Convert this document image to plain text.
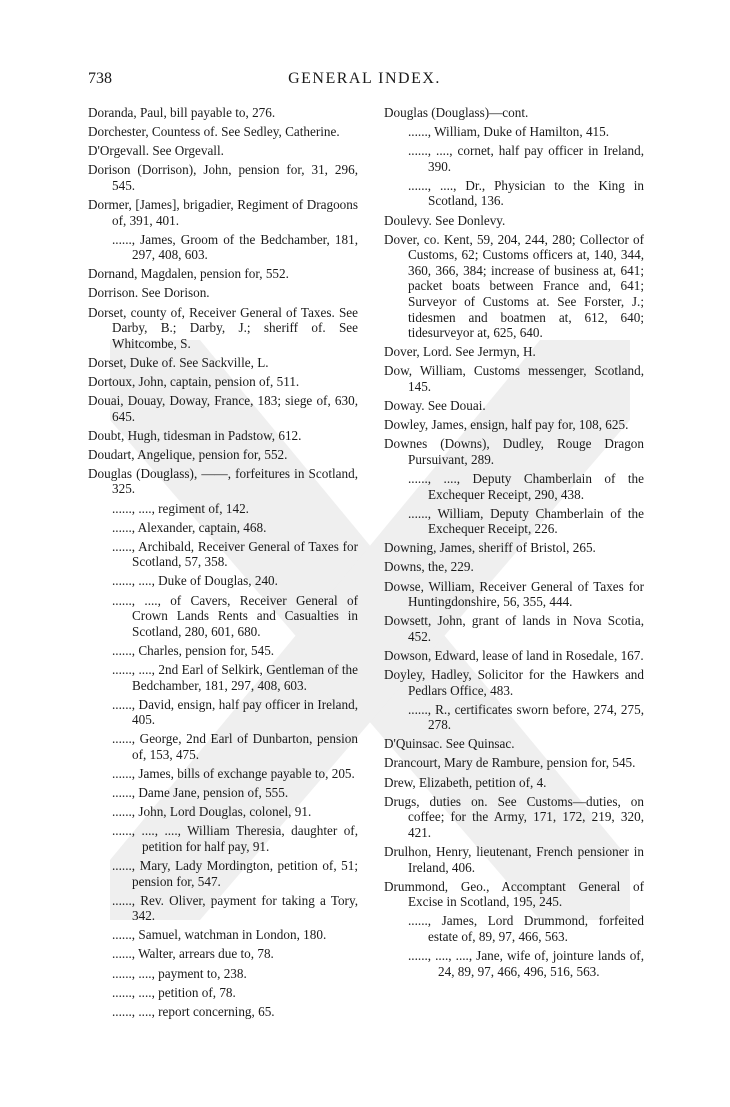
738	GENERAL INDEX.
Doranda, Paul, bill payable to, 276.
Dorchester, Countess of. See Sedley, Catherine.
D'Orgevall. See Orgevall.
Dorison (Dorrison), John, pension for, 31, 296, 545.
Dormer, [James], brigadier, Regiment of Dragoons of, 391, 401.
......, James, Groom of the Bedchamber, 181, 297, 408, 603.
Dornand, Magdalen, pension for, 552.
Dorrison. See Dorison.
Dorset, county of, Receiver General of Taxes. See Darby, B.; Darby, J.; sheriff of. See Whitcombe, S.
Dorset, Duke of. See Sackville, L.
Dortoux, John, captain, pension of, 511.
Douai, Douay, Doway, France, 183; siege of, 630, 645.
Doubt, Hugh, tidesman in Padstow, 612.
Doudart, Angelique, pension for, 552.
Douglas (Douglass), ——, forfeitures in Scotland, 325.
......, ...., regiment of, 142.
......, Alexander, captain, 468.
......, Archibald, Receiver General of Taxes for Scotland, 57, 358.
......, ...., Duke of Douglas, 240.
......, ...., of Cavers, Receiver General of Crown Lands Rents and Casualties in Scotland, 280, 601, 680.
......, Charles, pension for, 545.
......, ...., 2nd Earl of Selkirk, Gentleman of the Bedchamber, 181, 297, 408, 603.
......, David, ensign, half pay officer in Ireland, 405.
......, George, 2nd Earl of Dunbarton, pension of, 153, 475.
......, James, bills of exchange payable to, 205.
......, Dame Jane, pension of, 555.
......, John, Lord Douglas, colonel, 91.
......, ...., ...., William Theresia, daughter of, petition for half pay, 91.
......, Mary, Lady Mordington, petition of, 51; pension for, 547.
......, Rev. Oliver, payment for taking a Tory, 342.
......, Samuel, watchman in London, 180.
......, Walter, arrears due to, 78.
......, ...., payment to, 238.
......, ...., petition of, 78.
......, ...., report concerning, 65.
Douglas (Douglass)—cont.
......, William, Duke of Hamilton, 415.
......, ...., cornet, half pay officer in Ireland, 390.
......, ...., Dr., Physician to the King in Scotland, 136.
Doulevy. See Donlevy.
Dover, co. Kent, 59, 204, 244, 280; Collector of Customs, 62; Customs officers at, 140, 344, 360, 366, 384; increase of business at, 641; packet boats between France and, 641; Surveyor of Customs at. See Forster, J.; tidesmen and boatmen at, 612, 640; tidesurveyor at, 625, 640.
Dover, Lord. See Jermyn, H.
Dow, William, Customs messenger, Scotland, 145.
Doway. See Douai.
Dowley, James, ensign, half pay for, 108, 625.
Downes (Downs), Dudley, Rouge Dragon Pursuivant, 289.
......, ...., Deputy Chamberlain of the Exchequer Receipt, 290, 438.
......, William, Deputy Chamberlain of the Exchequer Receipt, 226.
Downing, James, sheriff of Bristol, 265.
Downs, the, 229.
Dowse, William, Receiver General of Taxes for Huntingdonshire, 56, 355, 444.
Dowsett, John, grant of lands in Nova Scotia, 452.
Dowson, Edward, lease of land in Rosedale, 167.
Doyley, Hadley, Solicitor for the Hawkers and Pedlars Office, 483.
......, R., certificates sworn before, 274, 275, 278.
D'Quinsac. See Quinsac.
Drancourt, Mary de Rambure, pension for, 545.
Drew, Elizabeth, petition of, 4.
Drugs, duties on. See Customs—duties, on coffee; for the Army, 171, 172, 219, 320, 421.
Drulhon, Henry, lieutenant, French pensioner in Ireland, 406.
Drummond, Geo., Accomptant General of Excise in Scotland, 195, 245.
......, James, Lord Drummond, forfeited estate of, 89, 97, 466, 563.
......, ...., ...., Jane, wife of, jointure lands of, 24, 89, 97, 466, 496, 516, 563.
